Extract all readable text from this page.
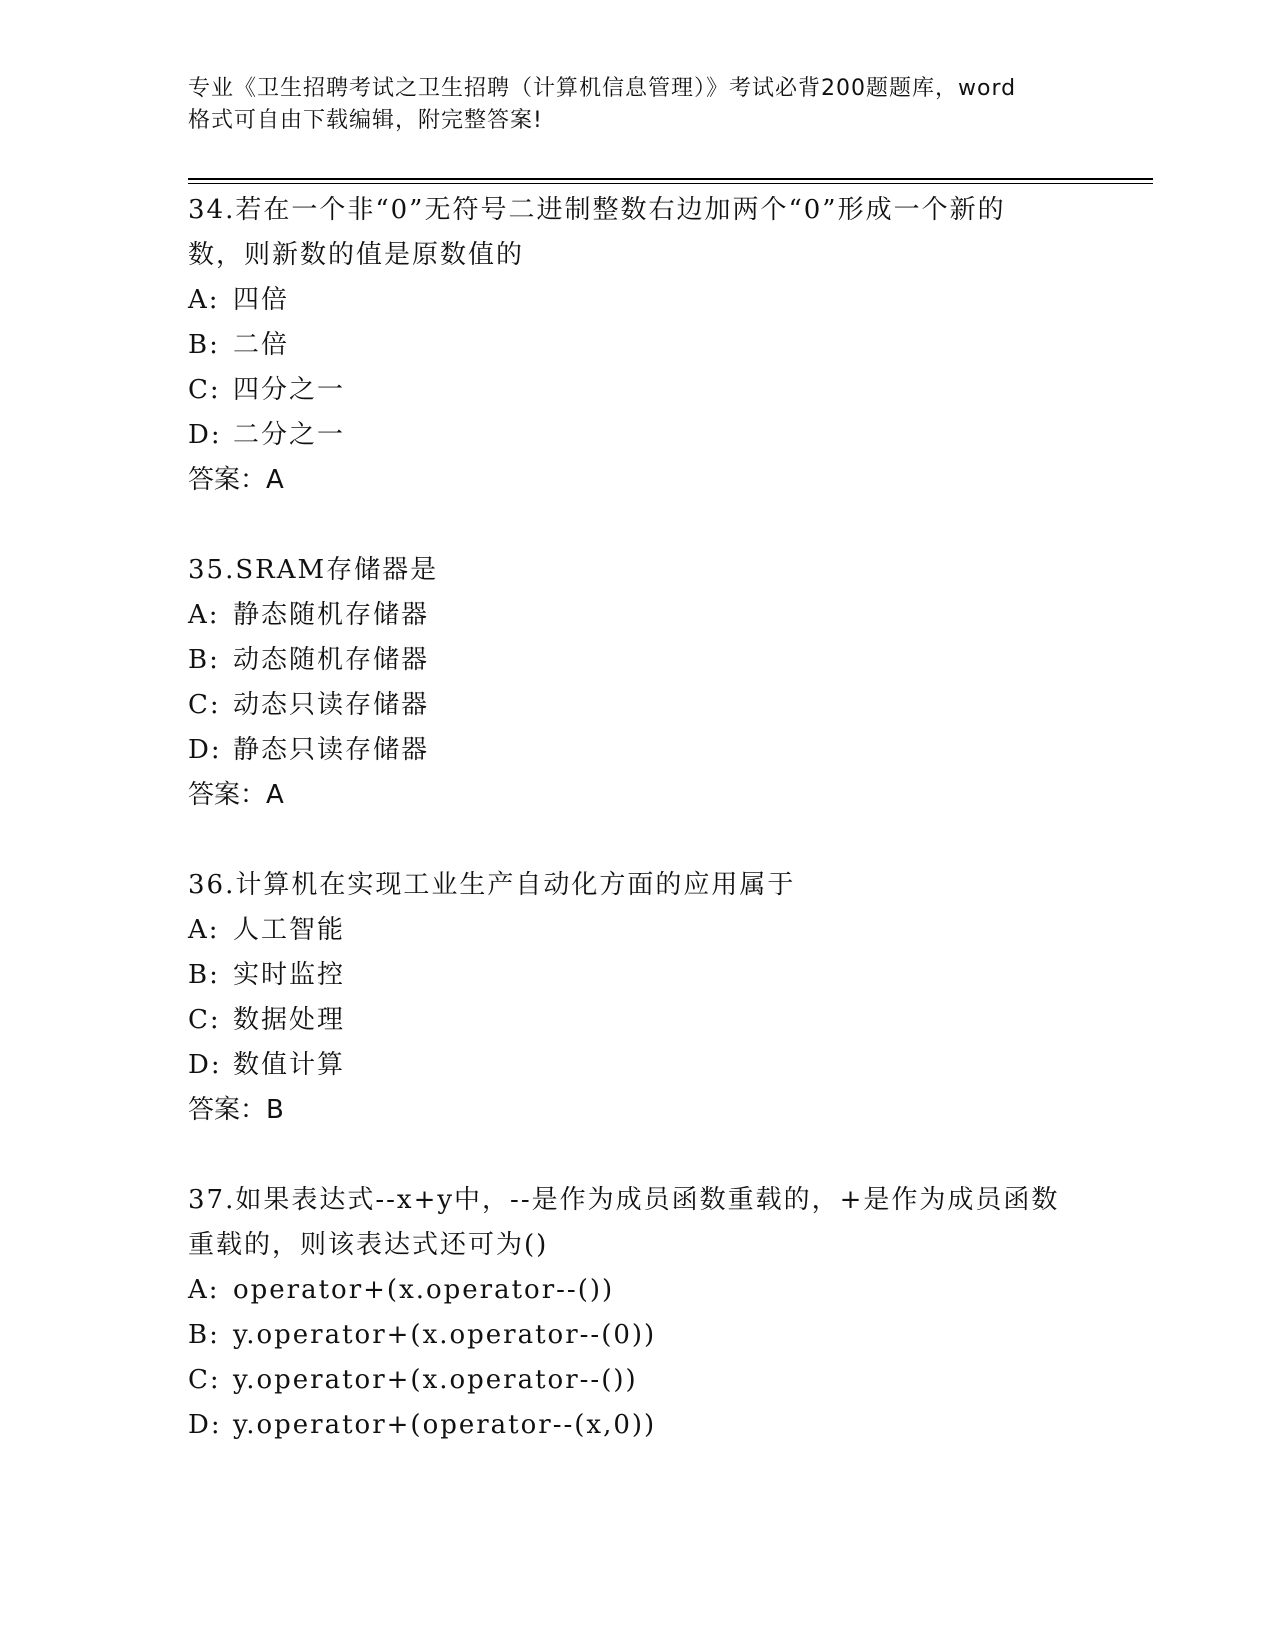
专业《卫生招聘考试之卫生招聘（计算机信息管理）》考试必背200题题库，word
格式可自由下载编辑，附完整答案!

34.若在一个非“0”无符号二进制整数右边加两个“0”形成一个新的

数，则新数的值是原数值的

A: 四倍

B: 二倍

C: 四分之一

D: 二分之一

答案：A

35.SRAM存储器是

A: 静态随机存储器

B: 动态随机存储器

C: 动态只读存储器

D: 静态只读存储器

答案：A

36.计算机在实现工业生产自动化方面的应用属于

A: 人工智能

B: 实时监控

C: 数据处理

D: 数值计算

答案：B

37.如果表达式--x+y中，--是作为成员函数重载的，+是作为成员函数

重载的，则该表达式还可为()

A: operator+(x.operator--())

B: y.operator+(x.operator--(0))

C: y.operator+(x.operator--())

D: y.operator+(operator--(x,0))
